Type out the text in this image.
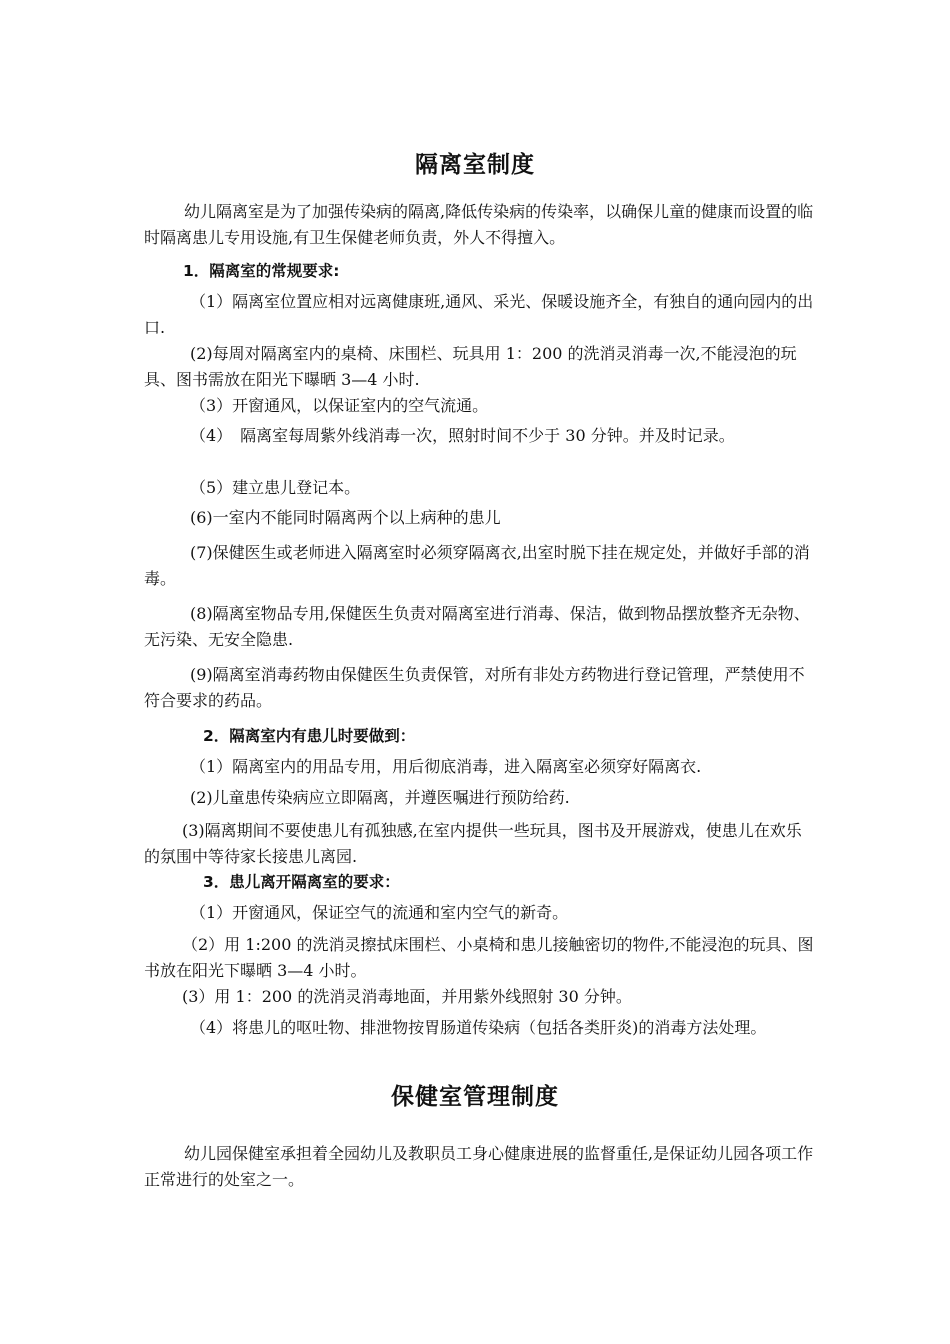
隔离室制度

幼儿隔离室是为了加强传染病的隔离,降低传染病的传染率，以确保儿童的健康而设置的临时隔离患儿专用设施,有卫生保健老师负责，外人不得擅入。

1．隔离室的常规要求:

（1）隔离室位置应相对远离健康班,通风、采光、保暖设施齐全，有独自的通向园内的出口.

(2)每周对隔离室内的桌椅、床围栏、玩具用 1：200 的洗消灵消毒一次,不能浸泡的玩具、图书需放在阳光下曝晒 3—4 小时.

（3）开窗通风，以保证室内的空气流通。

（4）　隔离室每周紫外线消毒一次，照射时间不少于 30 分钟。并及时记录。

（5）建立患儿登记本。

(6)一室内不能同时隔离两个以上病种的患儿

(7)保健医生或老师进入隔离室时必须穿隔离衣,出室时脱下挂在规定处，并做好手部的消毒。

(8)隔离室物品专用,保健医生负责对隔离室进行消毒、保洁，做到物品摆放整齐无杂物、无污染、无安全隐患.

(9)隔离室消毒药物由保健医生负责保管，对所有非处方药物进行登记管理，严禁使用不符合要求的药品。

2．隔离室内有患儿时要做到：

（1）隔离室内的用品专用，用后彻底消毒，进入隔离室必须穿好隔离衣.

(2)儿童患传染病应立即隔离，并遵医嘱进行预防给药.

(3)隔离期间不要使患儿有孤独感,在室内提供一些玩具，图书及开展游戏，使患儿在欢乐的氛围中等待家长接患儿离园.

3．患儿离开隔离室的要求：

（1）开窗通风，保证空气的流通和室内空气的新奇。

（2）用 1:200 的洗消灵擦拭床围栏、小桌椅和患儿接触密切的物件,不能浸泡的玩具、图书放在阳光下曝晒 3—4 小时。

(3）用 1：200 的洗消灵消毒地面，并用紫外线照射 30 分钟。

（4）将患儿的呕吐物、排泄物按胃肠道传染病（包括各类肝炎)的消毒方法处理。

保健室管理制度

幼儿园保健室承担着全园幼儿及教职员工身心健康进展的监督重任,是保证幼儿园各项工作正常进行的处室之一。
